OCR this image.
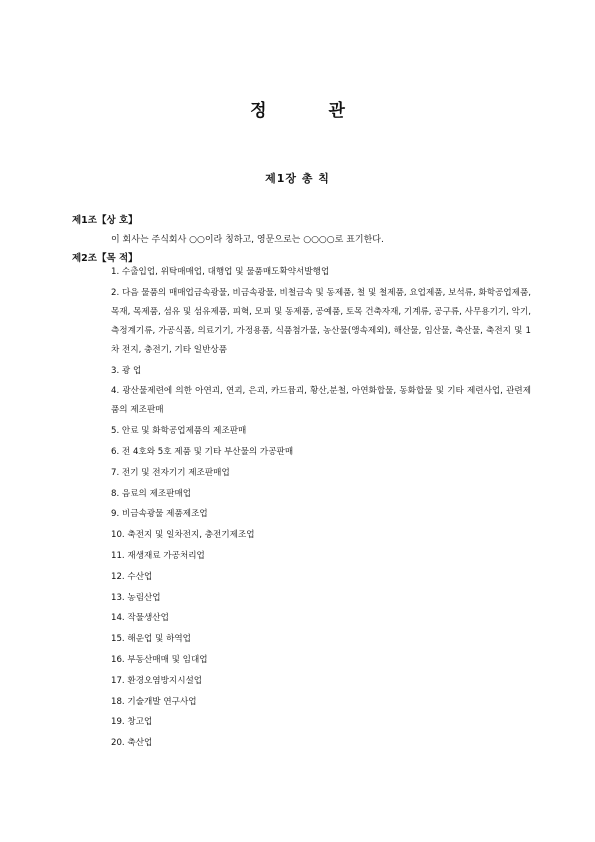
정	관
제1장 총 칙
제1조【상 호】
이 회사는 주식회사 ○○이라 칭하고, 영문으로는 ○○○○로 표기한다.
제2조【목 적】
1. 수출입업, 위탁매매업, 대행업 및 물품매도확약서발행업
2. 다음 물품의 매매업금속광물, 비금속광물, 비철금속 및 동제품, 철 및 철제품, 요업제품, 보석류, 화학공업제품, 목재, 목제품, 섬유 및 섬유제품, 피혁, 모피 및 동제품, 공예품, 토목 건축자재, 기계류, 공구류, 사무용기기, 악기, 측정계기류, 가공식품, 의료기기, 가정용품, 식품첨가물, 농산물(앵속제외), 해산물, 임산물, 축산물, 축전지 및 1차 전지, 충전기, 기타 일반상품
3. 광 업
4. 광산물제련에 의한 아연괴, 연괴, 은괴, 카드뮴괴, 황산,분철, 아연화합물, 동화합물 및 기타 제련사업, 관련제품의 제조판매
5. 안료 및 화학공업제품의 제조판매
6. 전 4호와 5호 제품 및 기타 부산물의 가공판매
7. 전기 및 전자기기 제조판매업
8. 음료의 제조판매업
9. 비금속광물 제품제조업
10. 축전지 및 일차전지, 충전기제조업
11. 재생재료 가공처리업
12. 수산업
13. 농림산업
14. 작물생산업
15. 해운업 및 하역업
16. 부동산매매 및 임대업
17. 환경오염방지시설업
18. 기술개발 연구사업
19. 창고업
20. 축산업
